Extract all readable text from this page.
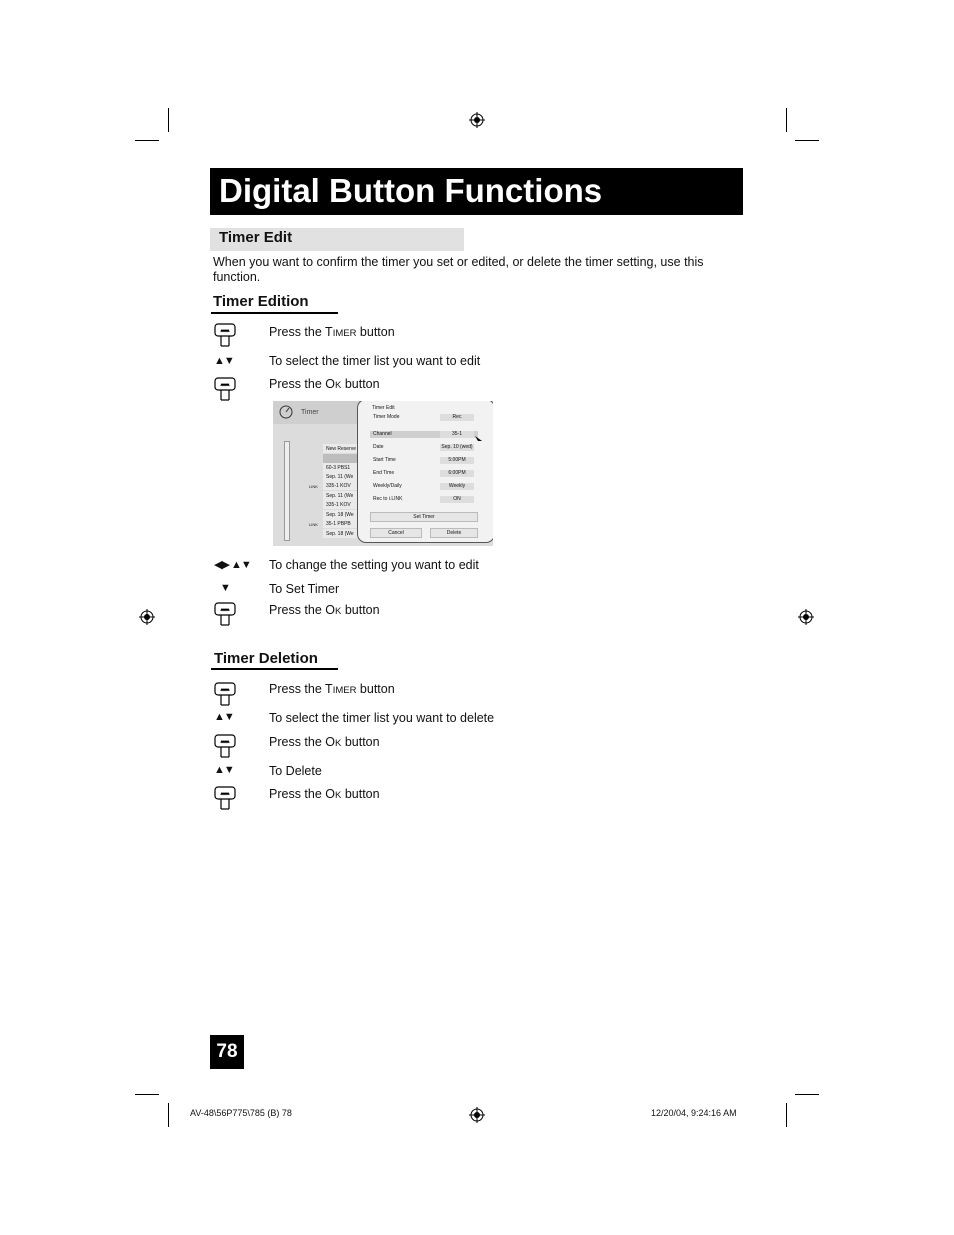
Digital Button Functions
Timer Edit
When you want to confirm the timer you set or edited, or delete the timer setting, use this function.
Timer Edition
Press the TIMER button
▲▼	To select the timer list you want to edit
Press the OK button
Timer
New Reserve
60-3 PBS1
Sep. 11 (We
335-1 KOV
Sep. 11 (We
335-1 KOV
Sep. 18 (We
35-1 PBPB
Sep. 18 (We
LINK
LINK
Timer Edit
Timer Mode	Rec
Channel	35-1
Date	Sep. 10 (wed)
Start Time	5:00PM
End Time	6:00PM
Weekly/Daily	Weekly
Rec to i.LINK	ON
Set Timer
Cancel	Delete
◀▶ ▲▼ To change the setting you want to edit
▼	To Set Timer
Press the OK button
Timer Deletion
Press the TIMER button
▲▼	To select the timer list you want to delete
Press the OK button
▲▼	To Delete
Press the OK button
78
AV-48\56P775\785 (B) 78	12/20/04, 9:24:16 AM
